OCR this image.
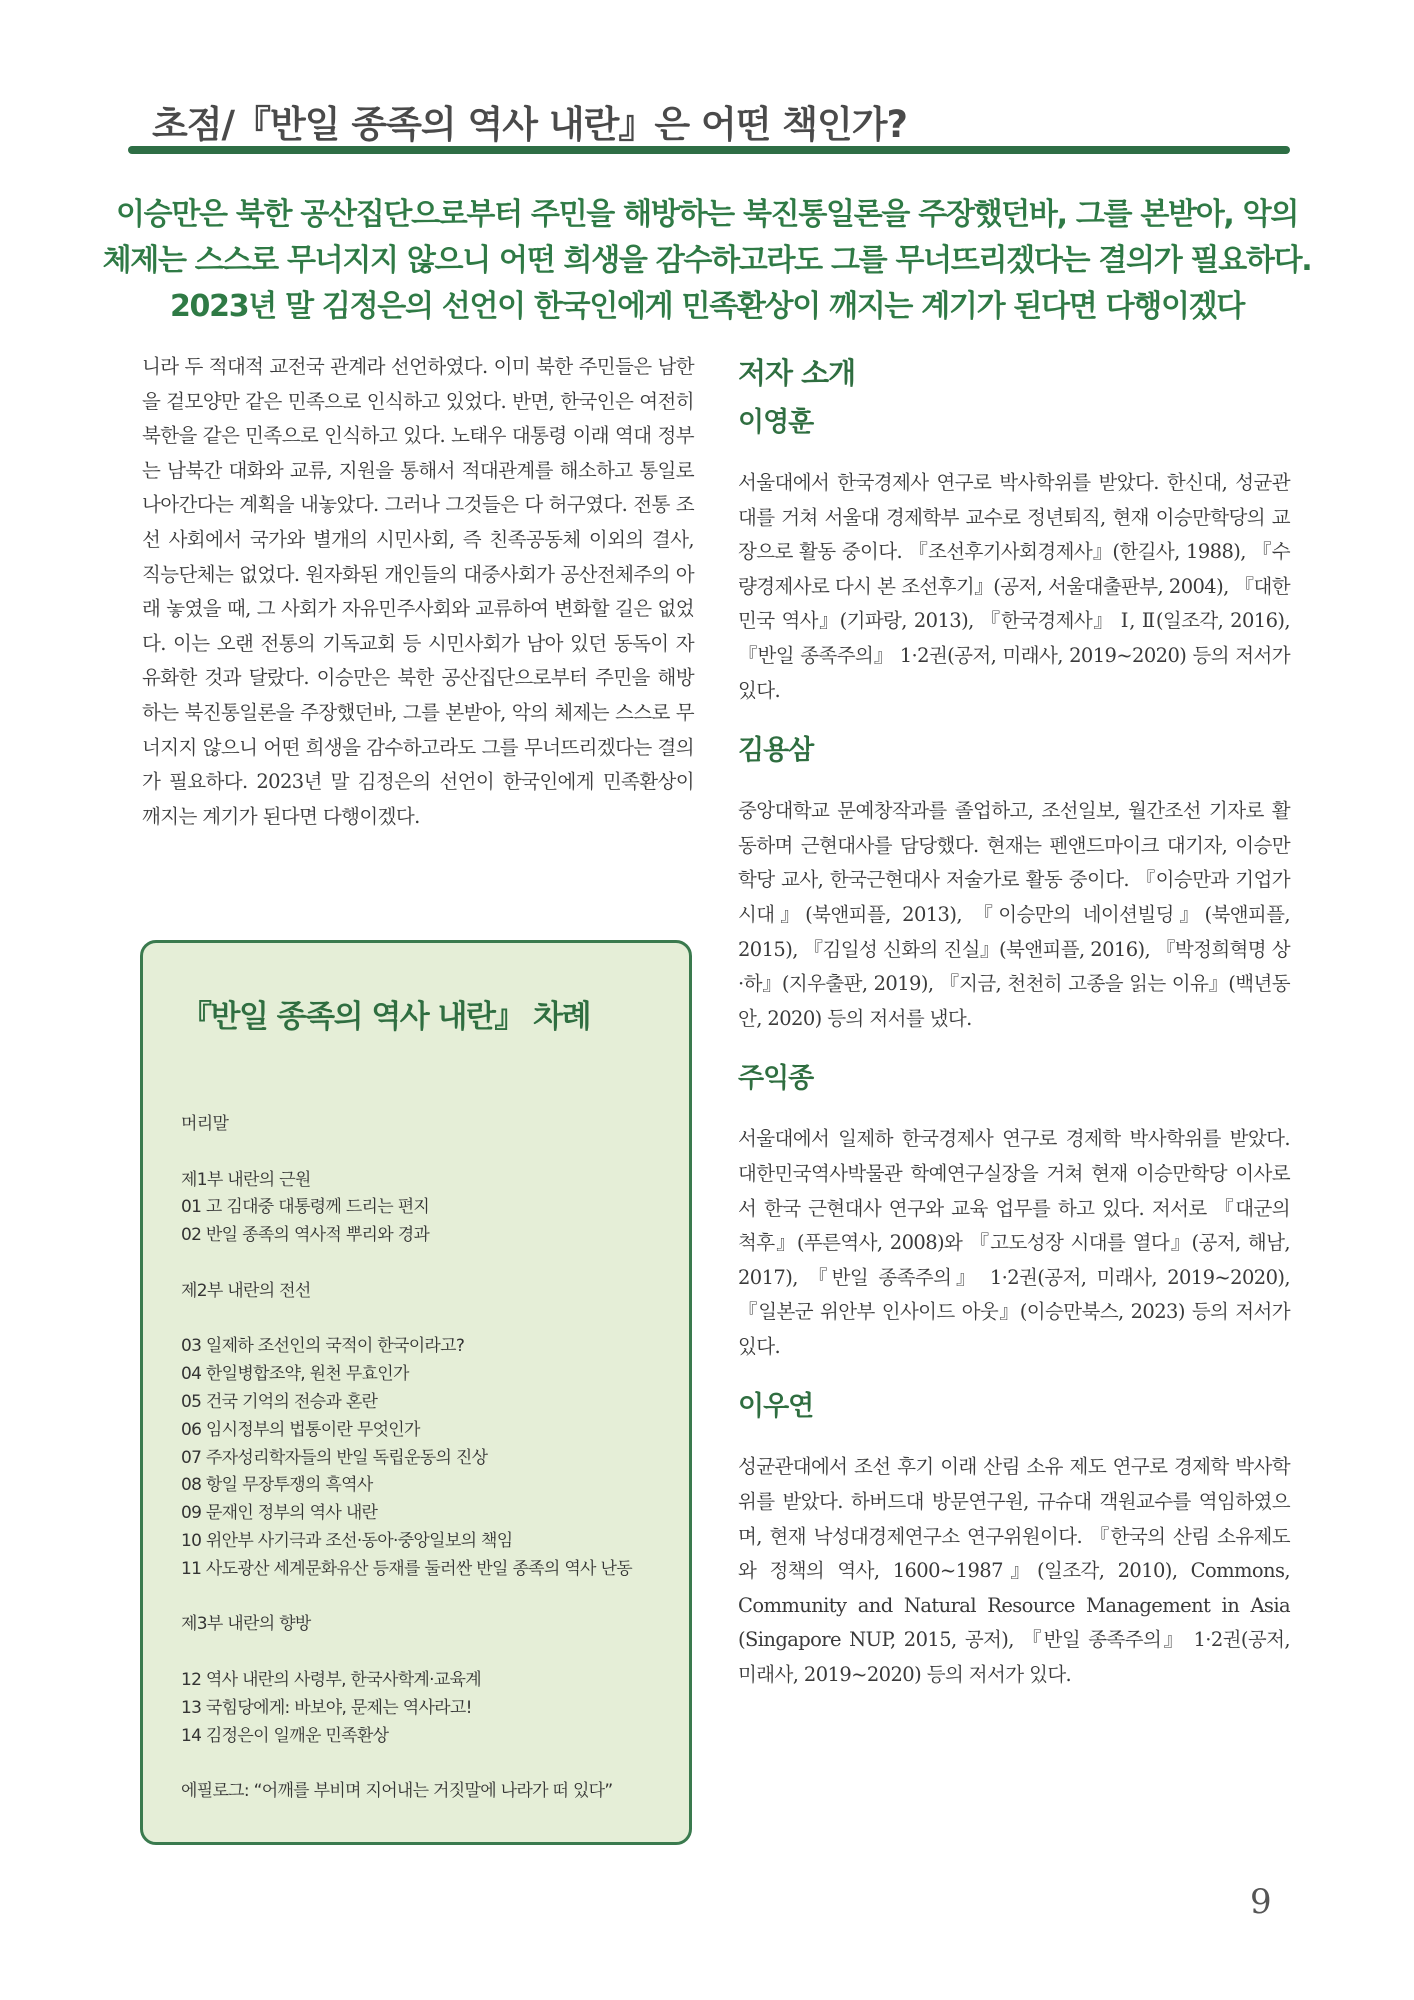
초점/『반일 종족의 역사 내란』은 어떤 책인가?

이승만은 북한 공산집단으로부터 주민을 해방하는 북진통일론을 주장했던바, 그를 본받아, 악의
체제는 스스로 무너지지 않으니 어떤 희생을 감수하고라도 그를 무너뜨리겠다는 결의가 필요하다.
2023년 말 김정은의 선언이 한국인에게 민족환상이 깨지는 계기가 된다면 다행이겠다

니라 두 적대적 교전국 관계라 선언하였다. 이미 북한 주민들은 남한을 겉모양만 같은 민족으로 인식하고 있었다. 반면, 한국인은 여전히 북한을 같은 민족으로 인식하고 있다. 노태우 대통령 이래 역대 정부는 남북간 대화와 교류, 지원을 통해서 적대관계를 해소하고 통일로 나아간다는 계획을 내놓았다. 그러나 그것들은 다 허구였다. 전통 조선 사회에서 국가와 별개의 시민사회, 즉 친족공동체 이외의 결사, 직능단체는 없었다. 원자화된 개인들의 대중사회가 공산전체주의 아래 놓였을 때, 그 사회가 자유민주사회와 교류하여 변화할 길은 없었다. 이는 오랜 전통의 기독교회 등 시민사회가 남아 있던 동독이 자유화한 것과 달랐다. 이승만은 북한 공산집단으로부터 주민을 해방하는 북진통일론을 주장했던바, 그를 본받아, 악의 체제는 스스로 무너지지 않으니 어떤 희생을 감수하고라도 그를 무너뜨리겠다는 결의가 필요하다. 2023년 말 김정은의 선언이 한국인에게 민족환상이 깨지는 계기가 된다면 다행이겠다.

『반일 종족의 역사 내란』 차례
머리말
제1부 내란의 근원
01 고 김대중 대통령께 드리는 편지
02 반일 종족의 역사적 뿌리와 경과
제2부 내란의 전선
03 일제하 조선인의 국적이 한국이라고?
04 한일병합조약, 원천 무효인가
05 건국 기억의 전승과 혼란
06 임시정부의 법통이란 무엇인가
07 주자성리학자들의 반일 독립운동의 진상
08 항일 무장투쟁의 흑역사
09 문재인 정부의 역사 내란
10 위안부 사기극과 조선·동아·중앙일보의 책임
11 사도광산 세계문화유산 등재를 둘러싼 반일 종족의 역사 난동
제3부 내란의 향방
12 역사 내란의 사령부, 한국사학계·교육계
13 국힘당에게: 바보야, 문제는 역사라고!
14 김정은이 일깨운 민족환상
에필로그: “어깨를 부비며 지어내는 거짓말에 나라가 떠 있다”
저자 소개
이영훈

서울대에서 한국경제사 연구로 박사학위를 받았다. 한신대, 성균관대를 거쳐 서울대 경제학부 교수로 정년퇴직, 현재 이승만학당의 교장으로 활동 중이다. 『조선후기사회경제사』(한길사, 1988), 『수량경제사로 다시 본 조선후기』(공저, 서울대출판부, 2004), 『대한민국 역사』(기파랑, 2013), 『한국경제사』 Ⅰ, Ⅱ(일조각, 2016), 『반일 종족주의』 1·2권(공저, 미래사, 2019~2020) 등의 저서가 있다.

김용삼

중앙대학교 문예창작과를 졸업하고, 조선일보, 월간조선 기자로 활동하며 근현대사를 담당했다. 현재는 펜앤드마이크 대기자, 이승만학당 교사, 한국근현대사 저술가로 활동 중이다. 『이승만과 기업가시대』(북앤피플, 2013), 『이승만의 네이션빌딩』(북앤피플, 2015), 『김일성 신화의 진실』(북앤피플, 2016), 『박정희혁명 상·하』(지우출판, 2019), 『지금, 천천히 고종을 읽는 이유』(백년동안, 2020) 등의 저서를 냈다.

주익종

서울대에서 일제하 한국경제사 연구로 경제학 박사학위를 받았다. 대한민국역사박물관 학예연구실장을 거쳐 현재 이승만학당 이사로서 한국 근현대사 연구와 교육 업무를 하고 있다. 저서로 『대군의 척후』(푸른역사, 2008)와 『고도성장 시대를 열다』(공저, 해남, 2017), 『반일 종족주의』 1·2권(공저, 미래사, 2019~2020), 『일본군 위안부 인사이드 아웃』(이승만북스, 2023) 등의 저서가 있다.

이우연

성균관대에서 조선 후기 이래 산림 소유 제도 연구로 경제학 박사학위를 받았다. 하버드대 방문연구원, 규슈대 객원교수를 역임하였으며, 현재 낙성대경제연구소 연구위원이다. 『한국의 산림 소유제도와 정책의 역사, 1600~1987』(일조각, 2010), Commons, Community and Natural Resource Management in Asia (Singapore NUP, 2015, 공저), 『반일 종족주의』 1·2권(공저, 미래사, 2019~2020) 등의 저서가 있다.

9
